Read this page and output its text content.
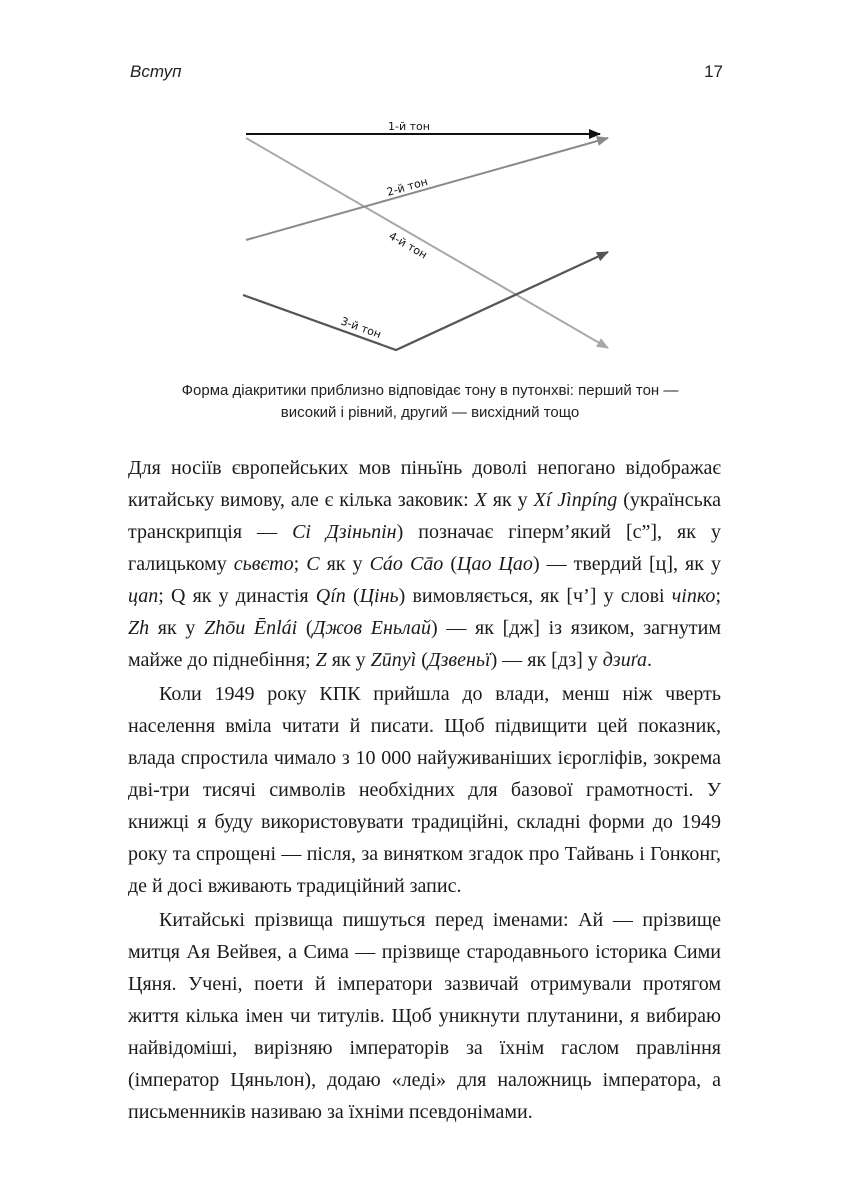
Вступ	17
1-й тон
2-й тон
4-й тон
3-й тон
Форма діакритики приблизно відповідає тону в путонхві: перший тон —
високий і рівний, другий — висхідний тощо

Для носіїв європейських мов піньїнь доволі непогано відображає китайську вимову, але є кілька заковик: X як у Xí Jìnpíng (українська транскрипція — Сі Дзіньпін) позначає гіперм’який [с”], як у галицькому сьвєто; C як у Cáo Cāo (Цао Цао) — твердий [ц], як у цап; Q як у династія Qín (Цінь) вимовляється, як [ч’] у слові чіпко; Zh як у Zhōu Ēnlái (Джов Еньлай) — як [дж] із язиком, загнутим майже до піднебіння; Z як у Zūnyì (Дзвеньї) — як [дз] у дзиґа.

Коли 1949 року КПК прийшла до влади, менш ніж чверть населення вміла читати й писати. Щоб підвищити цей показник, влада спростила чимало з 10 000 найуживаніших ієрогліфів, зокрема дві-три тисячі символів необхідних для базової грамотності. У книжці я буду використовувати традиційні, складні форми до 1949 року та спрощені — після, за винятком згадок про Тайвань і Гонконг, де й досі вживають традиційний запис.

Китайські прізвища пишуться перед іменами: Ай — прізвище митця Ая Вейвея, а Сима — прізвище стародавнього історика Сими Цяня. Учені, поети й імператори зазвичай отримували протягом життя кілька імен чи титулів. Щоб уникнути плутанини, я вибираю найвідоміші, вирізняю імператорів за їхнім гаслом правління (імператор Цяньлон), додаю «леді» для наложниць імператора, а письменників називаю за їхніми псевдонімами.
